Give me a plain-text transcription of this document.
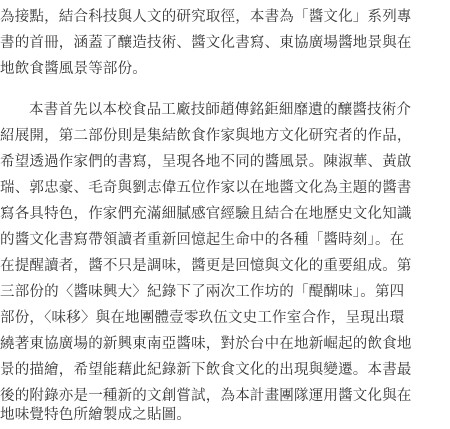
為接點，結合科技與人文的研究取徑，本書為「醬文化」系列專
書的首冊，涵蓋了釀造技術、醬文化書寫、東協廣場醬地景與在
地飲食醬風景等部份。
本書首先以本校食品工廠技師趙傳銘鉅細靡遺的釀醬技術介
紹展開，第二部份則是集結飲食作家與地方文化研究者的作品，
希望透過作家們的書寫，呈現各地不同的醬風景。陳淑華、黃啟
瑞、郭忠豪、毛奇與劉志偉五位作家以在地醬文化為主題的醬書
寫各具特色，作家們充滿細膩感官經驗且結合在地歷史文化知識
的醬文化書寫帶領讀者重新回憶起生命中的各種「醬時刻」。在
在提醒讀者，醬不只是調味，醬更是回憶與文化的重要組成。第
三部份的〈醬味興大〉紀錄下了兩次工作坊的「醍醐味」。第四
部份，〈味移〉與在地團體壹零玖伍文史工作室合作，呈現出環
繞著東協廣場的新興東南亞醬味，對於台中在地新崛起的飲食地
景的描繪，希望能藉此紀錄新下飲食文化的出現與變遷。本書最
後的附錄亦是一種新的文創嘗試，為本計畫團隊運用醬文化與在
地味覺特色所繪製成之貼圖。
